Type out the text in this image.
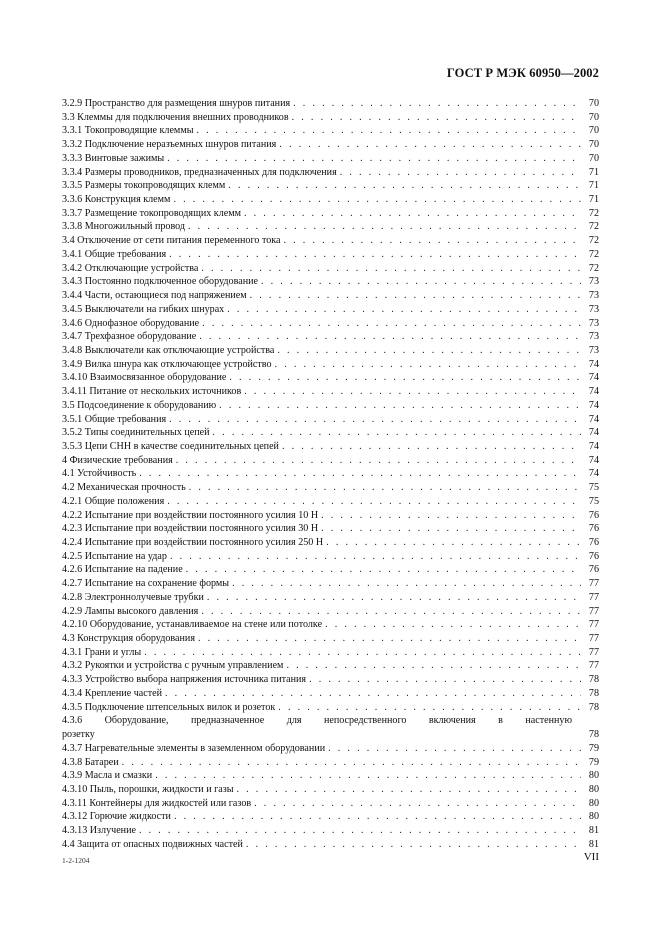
ГОСТ Р МЭК 60950—2002
3.2.9 Пространство для размещения шнуров питания . . .	70
3.3 Клеммы для подключения внешних проводников . . .	70
3.3.1 Токопроводящие клеммы . . .	70
3.3.2 Подключение неразъемных шнуров питания . . .	70
3.3.3 Винтовые зажимы . . .	70
3.3.4 Размеры проводников, предназначенных для подключения . . .	71
3.3.5 Размеры токопроводящих клемм . . .	71
3.3.6 Конструкция клемм . . .	71
3.3.7 Размещение токопроводящих клемм . . .	72
3.3.8 Многожильный провод . . .	72
3.4 Отключение от сети питания переменного тока . . .	72
3.4.1 Общие требования . . .	72
3.4.2 Отключающие устройства . . .	72
3.4.3 Постоянно подключенное оборудование . . .	73
3.4.4 Части, остающиеся под напряжением . . .	73
3.4.5 Выключатели на гибких шнурах . . .	73
3.4.6 Однофазное оборудование . . .	73
3.4.7 Трехфазное оборудование . . .	73
3.4.8 Выключатели как отключающие устройства . . .	73
3.4.9 Вилка шнура как отключающее устройство . . .	74
3.4.10 Взаимосвязанное оборудование . . .	74
3.4.11 Питание от нескольких источников . . .	74
3.5 Подсоединение к оборудованию . . .	74
3.5.1 Общие требования . . .	74
3.5.2 Типы соединительных цепей . . .	74
3.5.3 Цепи СНН в качестве соединительных цепей . . .	74
4 Физические требования . . .	74
4.1 Устойчивость . . .	74
4.2 Механическая прочность . . .	75
4.2.1 Общие положения . . .	75
4.2.2 Испытание при воздействии постоянного усилия 10 Н . . .	76
4.2.3 Испытание при воздействии постоянного усилия 30 Н . . .	76
4.2.4 Испытание при воздействии постоянного усилия 250 Н . . .	76
4.2.5 Испытание на удар . . .	76
4.2.6 Испытание на падение . . .	76
4.2.7 Испытание на сохранение формы . . .	77
4.2.8 Электроннолучевые трубки . . .	77
4.2.9 Лампы высокого давления . . .	77
4.2.10 Оборудование, устанавливаемое на стене или потолке . . .	77
4.3 Конструкция оборудования . . .	77
4.3.1 Грани и углы . . .	77
4.3.2 Рукоятки и устройства с ручным управлением . . .	77
4.3.3 Устройство выбора напряжения источника питания . . .	78
4.3.4 Крепление частей . . .	78
4.3.5 Подключение штепсельных вилок и розеток . . .	78
4.3.6 Оборудование, предназначенное для непосредственного включения в настенную
розетку	78
4.3.7 Нагревательные элементы в заземленном оборудовании . . .	79
4.3.8 Батареи . . .	79
4.3.9 Масла и смазки . . .	80
4.3.10 Пыль, порошки, жидкости и газы . . .	80
4.3.11 Контейнеры для жидкостей или газов . . .	80
4.3.12 Горючие жидкости . . .	80
4.3.13 Излучение . . .	81
4.4 Защита от опасных подвижных частей . . .	81
1-2-1204	VII
